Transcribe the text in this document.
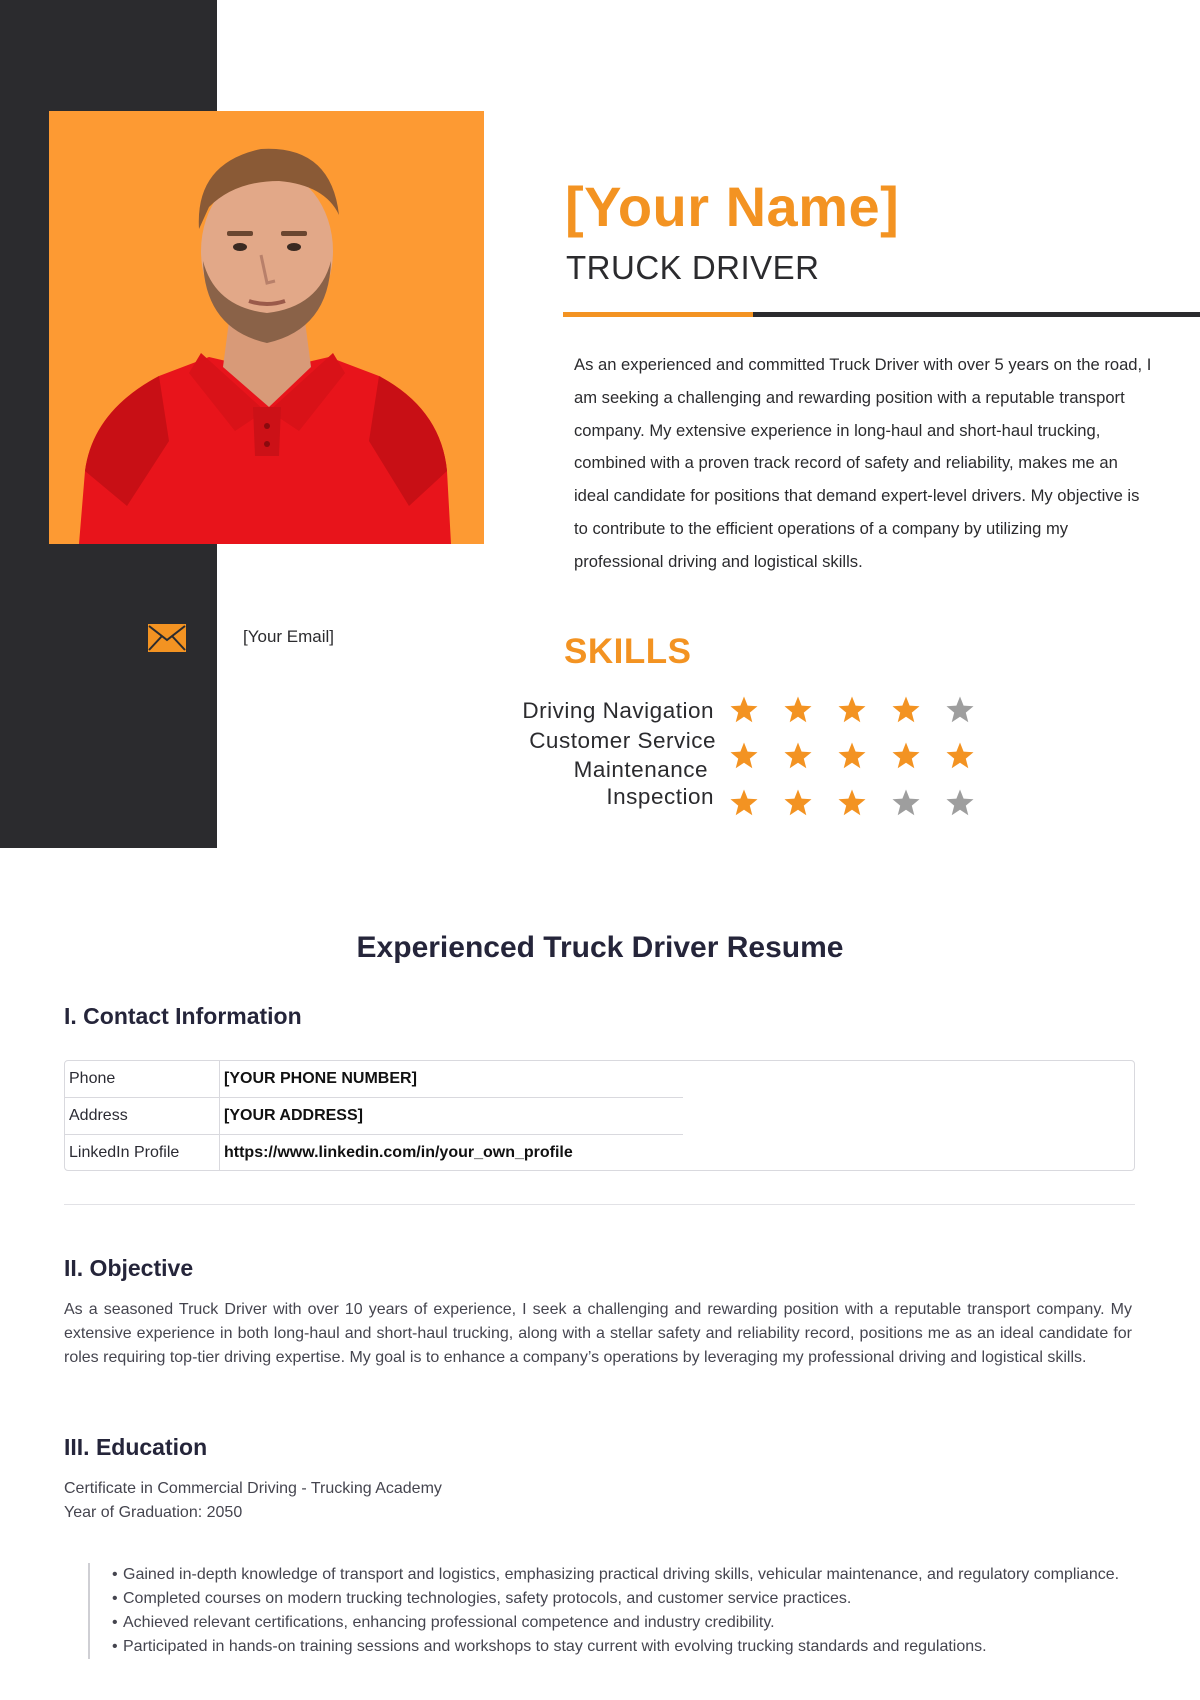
[Your Name]
TRUCK DRIVER

As an experienced and committed Truck Driver with over 5 years on the road, I am seeking a challenging and rewarding position with a reputable transport company. My extensive experience in long-haul and short-haul trucking, combined with a proven track record of safety and reliability, makes me an ideal candidate for positions that demand expert-level drivers. My objective is to contribute to the efficient operations of a company by utilizing my professional driving and logistical skills.

[Your Email]	SKILLS
Driving Navigation
Customer Service
Maintenance
Inspection
Experienced Truck Driver Resume
I. Contact Information
Phone	[YOUR PHONE NUMBER]
Address	[YOUR ADDRESS]
LinkedIn Profile	https://www.linkedin.com/in/your_own_profile
II. Objective

As a seasoned Truck Driver with over 10 years of experience, I seek a challenging and rewarding position with a reputable transport company. My extensive experience in both long-haul and short-haul trucking, along with a stellar safety and reliability record, positions me as an ideal candidate for roles requiring top-tier driving expertise. My goal is to enhance a company’s operations by leveraging my professional driving and logistical skills.

III. Education
Certificate in Commercial Driving - Trucking Academy
Year of Graduation: 2050
• Gained in-depth knowledge of transport and logistics, emphasizing practical driving skills, vehicular maintenance, and regulatory compliance.
• Completed courses on modern trucking technologies, safety protocols, and customer service practices.
• Achieved relevant certifications, enhancing professional competence and industry credibility.
• Participated in hands-on training sessions and workshops to stay current with evolving trucking standards and regulations.
